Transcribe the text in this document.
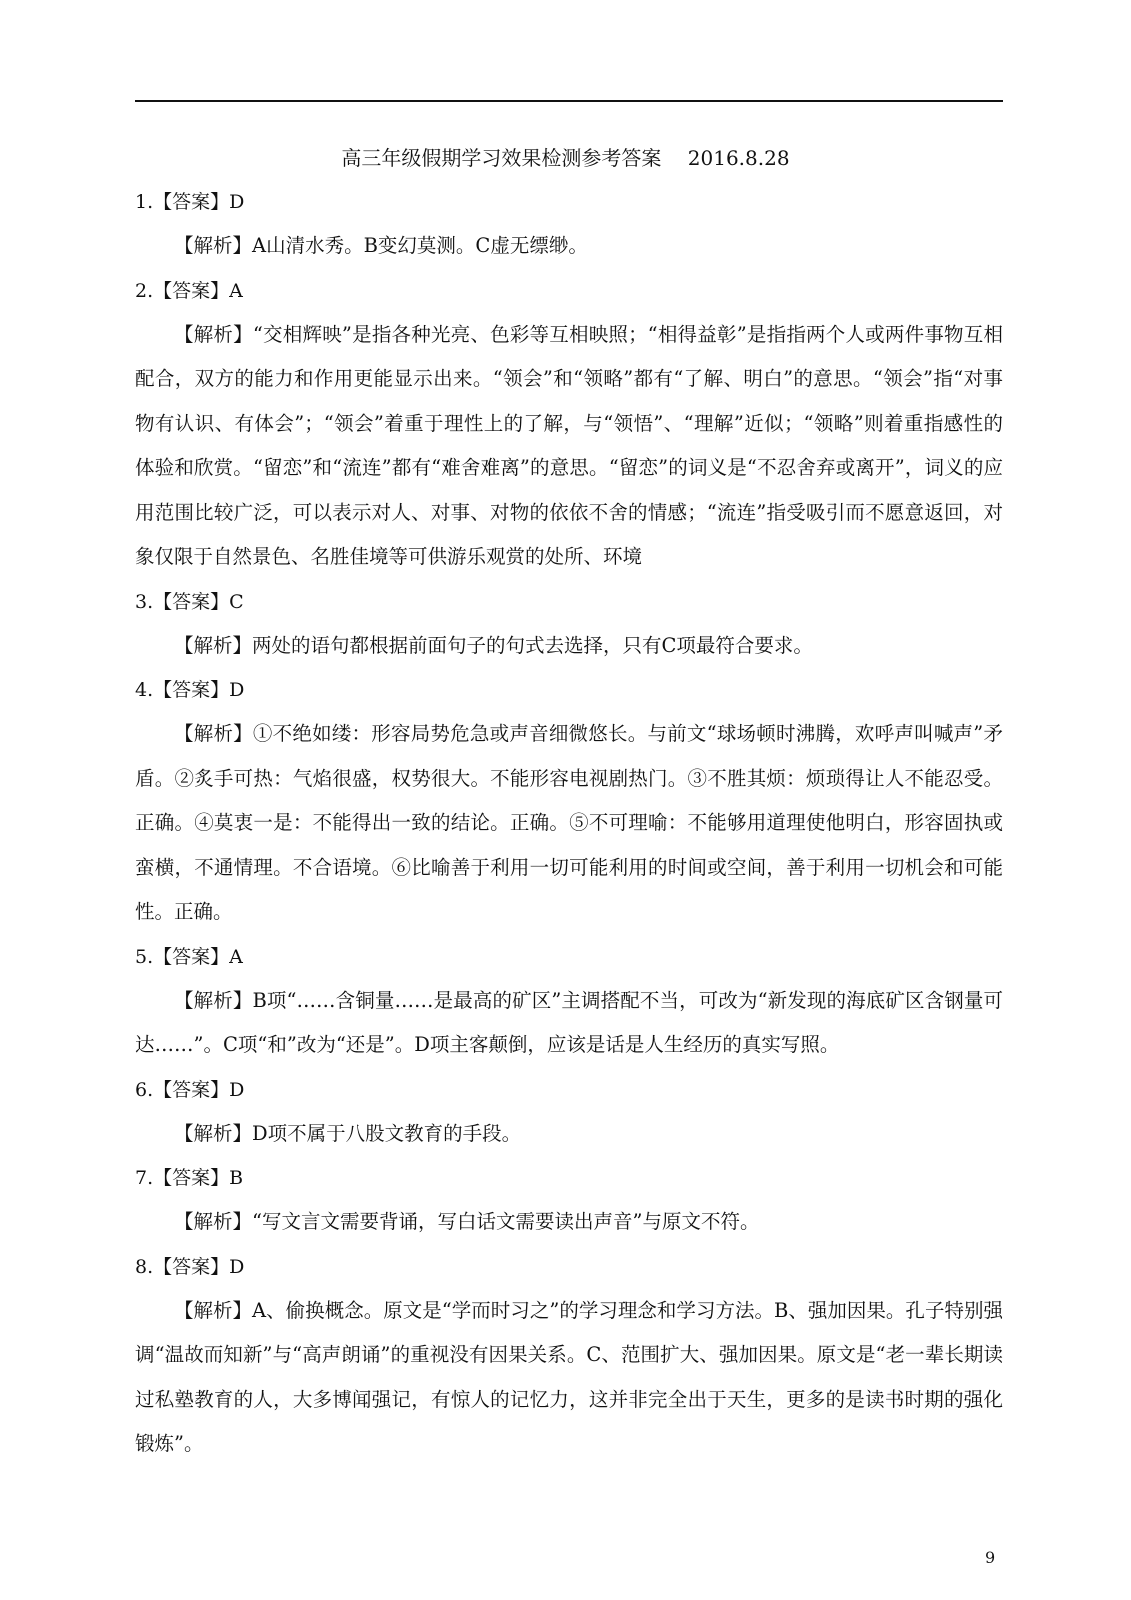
高三年级假期学习效果检测参考答案　 2016.8.28
1.【答案】D
【解析】A山清水秀。B变幻莫测。C虚无缥缈。
2.【答案】A
【解析】“交相辉映”是指各种光亮、色彩等互相映照；“相得益彰”是指指两个人或两件事物互相配合，双方的能力和作用更能显示出来。“领会”和“领略”都有“了解、明白”的意思。“领会”指“对事物有认识、有体会”；“领会”着重于理性上的了解，与“领悟”、“理解”近似；“领略”则着重指感性的体验和欣赏。“留恋”和“流连”都有“难舍难离”的意思。“留恋”的词义是“不忍舍弃或离开”，词义的应用范围比较广泛，可以表示对人、对事、对物的依依不舍的情感；“流连”指受吸引而不愿意返回，对象仅限于自然景色、名胜佳境等可供游乐观赏的处所、环境
3.【答案】C
【解析】两处的语句都根据前面句子的句式去选择，只有C项最符合要求。
4.【答案】D
【解析】①不绝如缕：形容局势危急或声音细微悠长。与前文“球场顿时沸腾，欢呼声叫喊声”矛盾。②炙手可热：气焰很盛，权势很大。不能形容电视剧热门。③不胜其烦：烦琐得让人不能忍受。正确。④莫衷一是：不能得出一致的结论。正确。⑤不可理喻：不能够用道理使他明白，形容固执或蛮横，不通情理。不合语境。⑥比喻善于利用一切可能利用的时间或空间，善于利用一切机会和可能性。正确。
5.【答案】A
【解析】B项“……含铜量……是最高的矿区”主调搭配不当，可改为“新发现的海底矿区含钢量可达……”。C项“和”改为“还是”。D项主客颠倒，应该是话是人生经历的真实写照。
6.【答案】D
【解析】D项不属于八股文教育的手段。
7.【答案】B
【解析】“写文言文需要背诵，写白话文需要读出声音”与原文不符。
8.【答案】D
【解析】A、偷换概念。原文是“学而时习之”的学习理念和学习方法。B、强加因果。孔子特别强调“温故而知新”与“高声朗诵”的重视没有因果关系。C、范围扩大、强加因果。原文是“老一辈长期读过私塾教育的人，大多博闻强记，有惊人的记忆力，这并非完全出于天生，更多的是读书时期的强化锻炼”。
9
